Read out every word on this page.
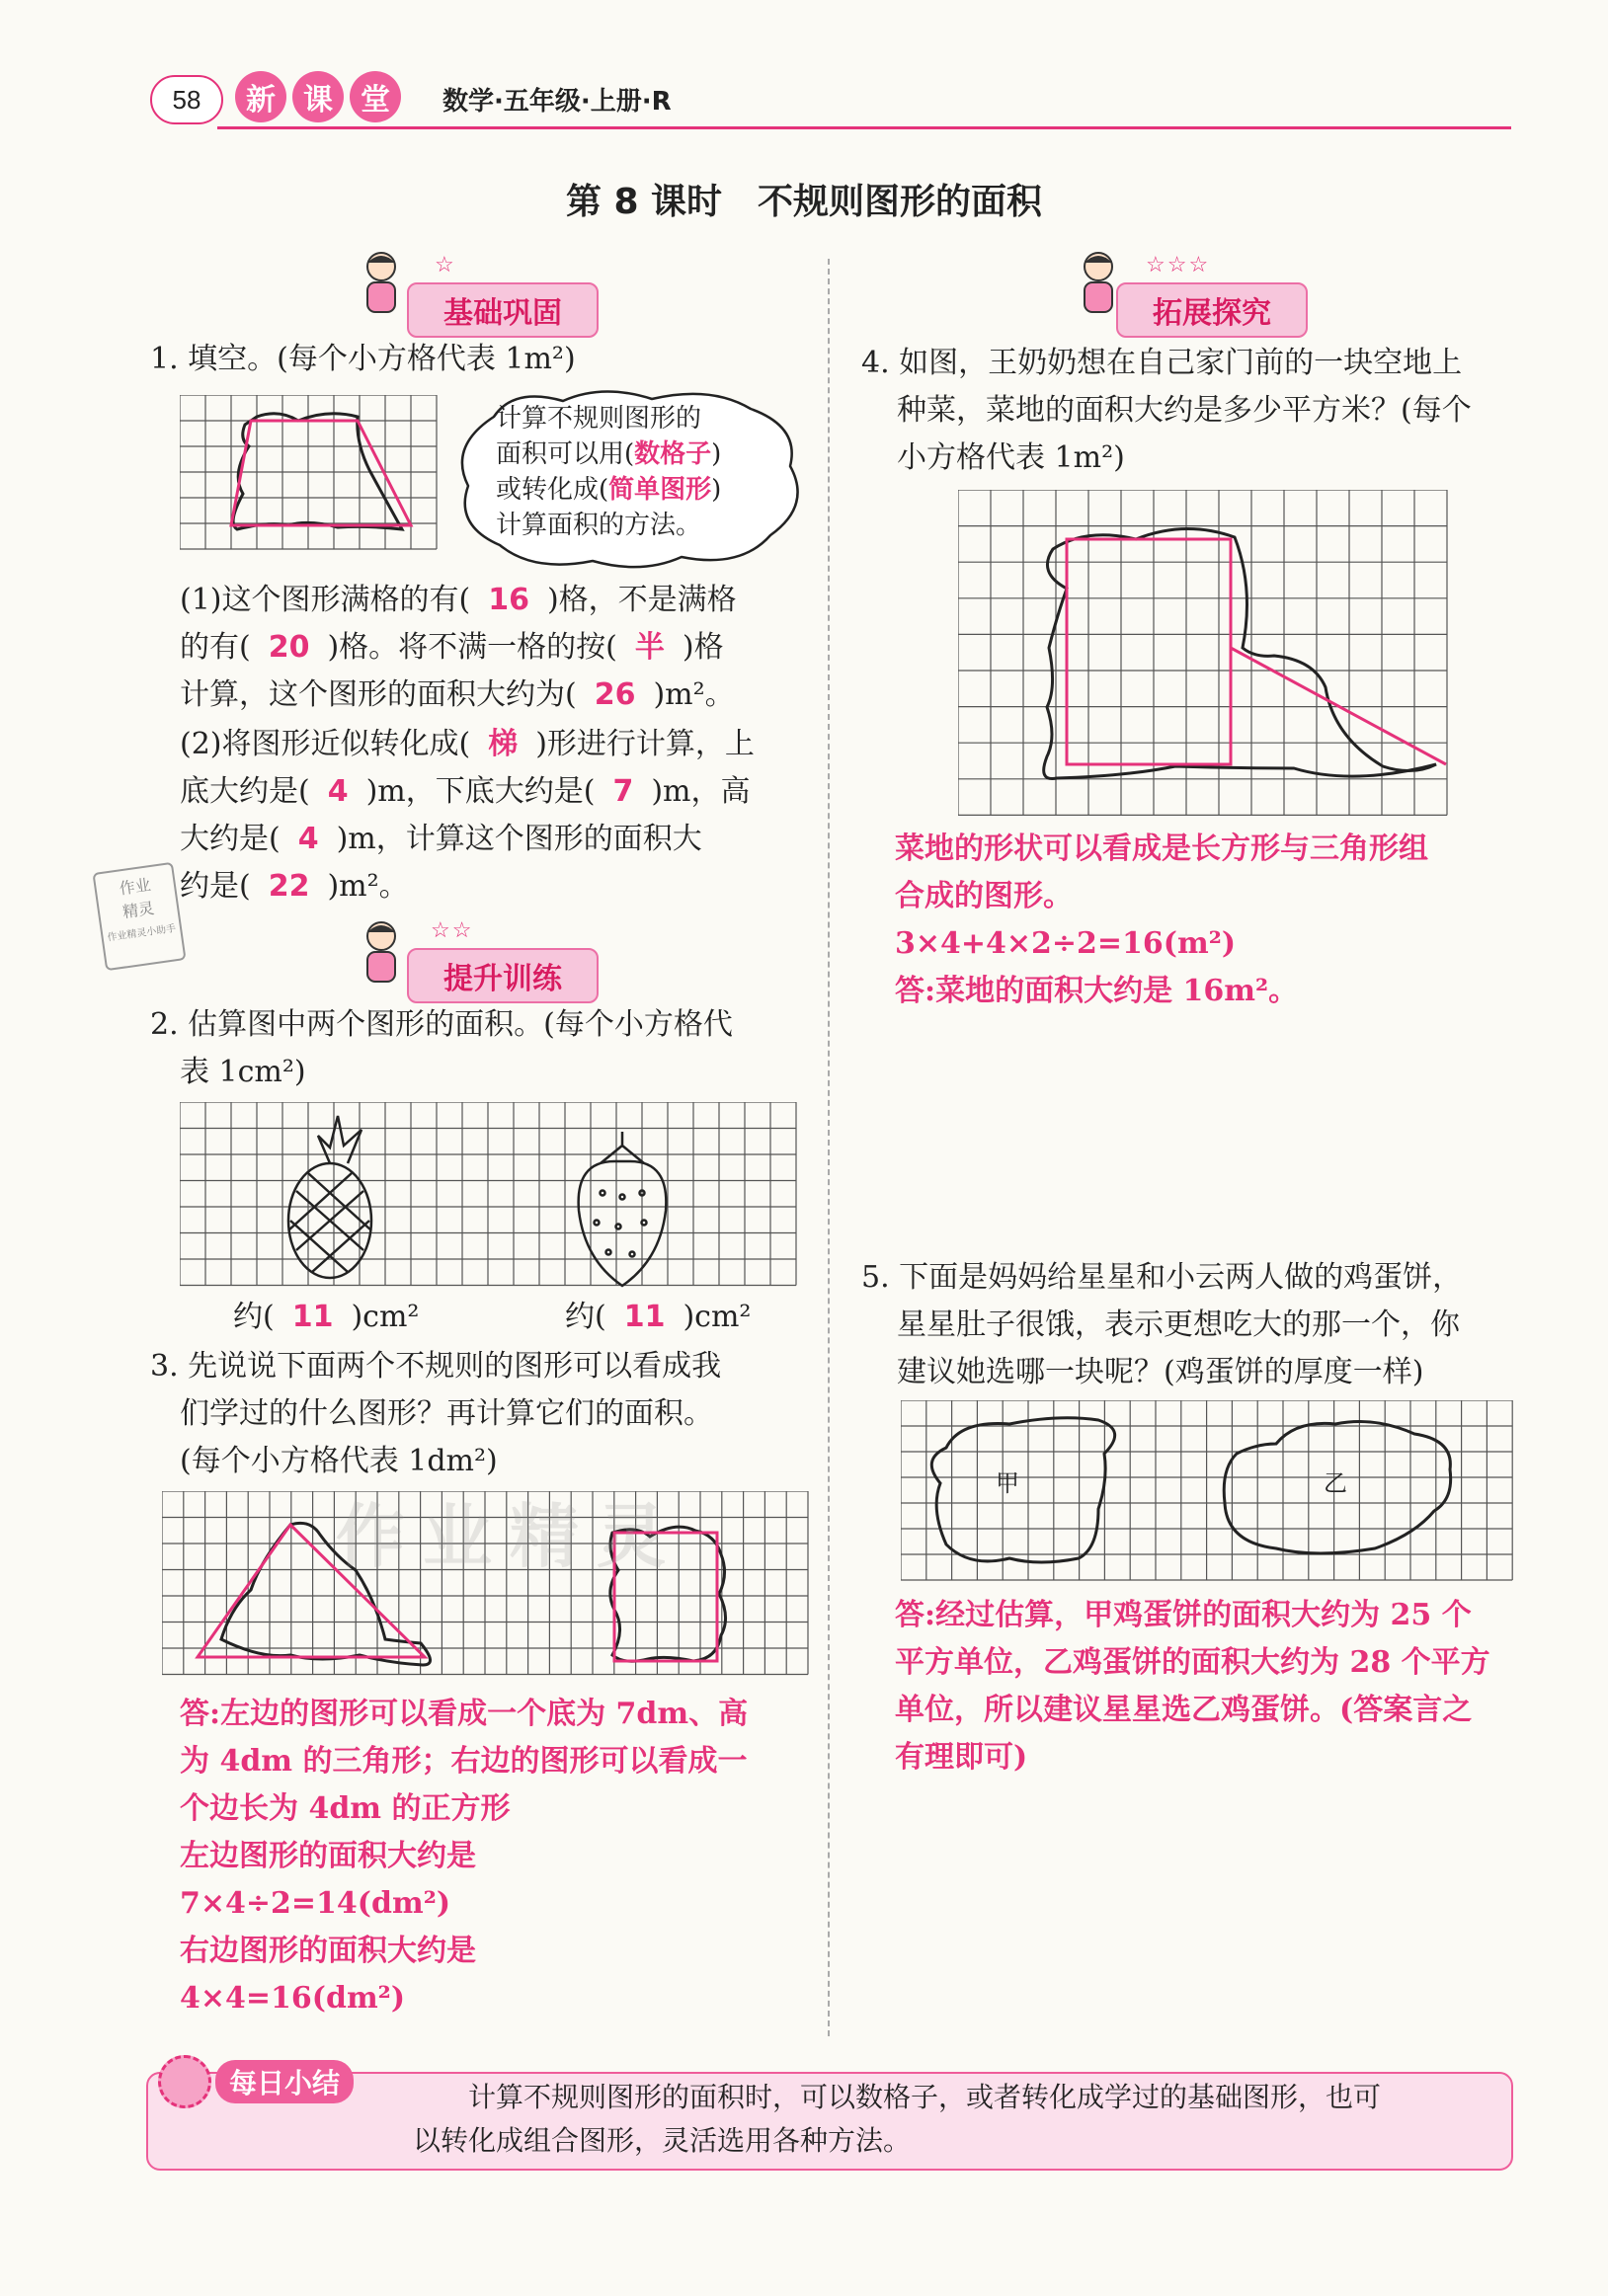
58	新 课 堂	数学·五年级·上册·R
第 8 课时　不规则图形的面积
☆
基础巩固
1. 填空。(每个小方格代表 1m²)
计算不规则图形的
面积可以用(数格子)
或转化成(简单图形)
计算面积的方法。
(1)这个图形满格的有( 16 )格，不是满格
的有( 20 )格。将不满一格的按( 半 )格
计算，这个图形的面积大约为( 26 )m²。
(2)将图形近似转化成( 梯 )形进行计算，上
底大约是( 4 )m，下底大约是( 7 )m，高
大约是( 4 )m，计算这个图形的面积大
约是( 22 )m²。
作业
精灵
作业精灵小助手	☆☆
提升训练
2. 估算图中两个图形的面积。(每个小方格代
表 1cm²)
约( 11 )cm²	约( 11 )cm²
3. 先说说下面两个不规则的图形可以看成我
们学过的什么图形？再计算它们的面积。
(每个小方格代表 1dm²)
作业精灵
答:左边的图形可以看成一个底为 7dm、高
为 4dm 的三角形；右边的图形可以看成一
个边长为 4dm 的正方形
左边图形的面积大约是
7×4÷2=14(dm²)
右边图形的面积大约是
4×4=16(dm²)
☆☆☆
拓展探究
4. 如图，王奶奶想在自己家门前的一块空地上
种菜，菜地的面积大约是多少平方米？(每个
小方格代表 1m²)
菜地的形状可以看成是长方形与三角形组
合成的图形。
3×4+4×2÷2=16(m²)
答:菜地的面积大约是 16m²。
5. 下面是妈妈给星星和小云两人做的鸡蛋饼，
星星肚子很饿，表示更想吃大的那一个，你
建议她选哪一块呢？(鸡蛋饼的厚度一样)
甲	乙
答:经过估算，甲鸡蛋饼的面积大约为 25 个
平方单位，乙鸡蛋饼的面积大约为 28 个平方
单位，所以建议星星选乙鸡蛋饼。(答案言之
有理即可)
每日小结	计算不规则图形的面积时，可以数格子，或者转化成学过的基础图形，也可
以转化成组合图形，灵活选用各种方法。
